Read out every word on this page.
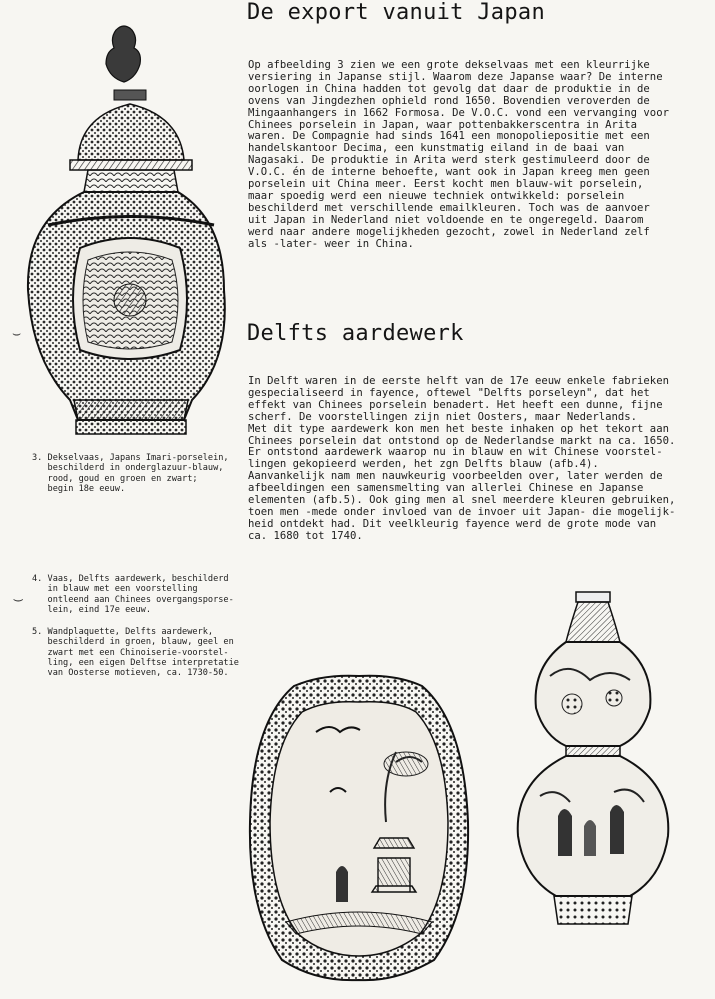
De export vanuit Japan
Delfts aardewerk
Op afbeelding 3 zien we een grote dekselvaas met een kleurrijke
versiering in Japanse stijl. Waarom deze Japanse waar? De interne
oorlogen in China hadden tot gevolg dat daar de produktie in de
ovens van Jingdezhen ophield rond 1650. Bovendien veroverden de
Mingaanhangers in 1662 Formosa. De V.O.C. vond een vervanging voor
Chinees porselein in Japan, waar pottenbakkerscentra in Arita
waren. De Compagnie had sinds 1641 een monopoliepositie met een
handelskantoor Decima, een kunstmatig eiland in de baai van
Nagasaki. De produktie in Arita werd sterk gestimuleerd door de
V.O.C. én de interne behoefte, want ook in Japan kreeg men geen
porselein uit China meer. Eerst kocht men blauw-wit porselein,
maar spoedig werd een nieuwe techniek ontwikkeld: porselein
beschilderd met verschillende emailkleuren. Toch was de aanvoer
uit Japan in Nederland niet voldoende en te ongeregeld. Daarom
werd naar andere mogelijkheden gezocht, zowel in Nederland zelf
als -later- weer in China.
In Delft waren in de eerste helft van de 17e eeuw enkele fabrieken
gespecialiseerd in fayence, oftewel "Delfts porseleyn", dat het
effekt van Chinees porselein benadert. Het heeft een dunne, fijne
scherf. De voorstellingen zijn niet Oosters, maar Nederlands.
Met dit type aardewerk kon men het beste inhaken op het tekort aan
Chinees porselein dat ontstond op de Nederlandse markt na ca. 1650.
Er ontstond aardewerk waarop nu in blauw en wit Chinese voorstel-
lingen gekopieerd werden, het zgn Delfts blauw (afb.4).
Aanvankelijk nam men nauwkeurig voorbeelden over, later werden de
afbeeldingen een samensmelting van allerlei Chinese en Japanse
elementen (afb.5). Ook ging men al snel meerdere kleuren gebruiken,
toen men -mede onder invloed van de invoer uit Japan- die mogelijk-
heid ontdekt had. Dit veelkleurig fayence werd de grote mode van
ca. 1680 tot 1740.
3. Dekselvaas, Japans Imari-porselein,
beschilderd in onderglazuur-blauw,
rood, goud en groen en zwart;
begin 18e eeuw.
4. Vaas, Delfts aardewerk, beschilderd
in blauw met een voorstelling
ontleend aan Chinees overgangsporse-
lein, eind 17e eeuw.
5. Wandplaquette, Delfts aardewerk,
beschilderd in groen, blauw, geel en
zwart met een Chinoiserie-voorstel-
ling, een eigen Delftse interpretatie
van Oosterse motieven, ca. 1730-50.
⌣
‿
